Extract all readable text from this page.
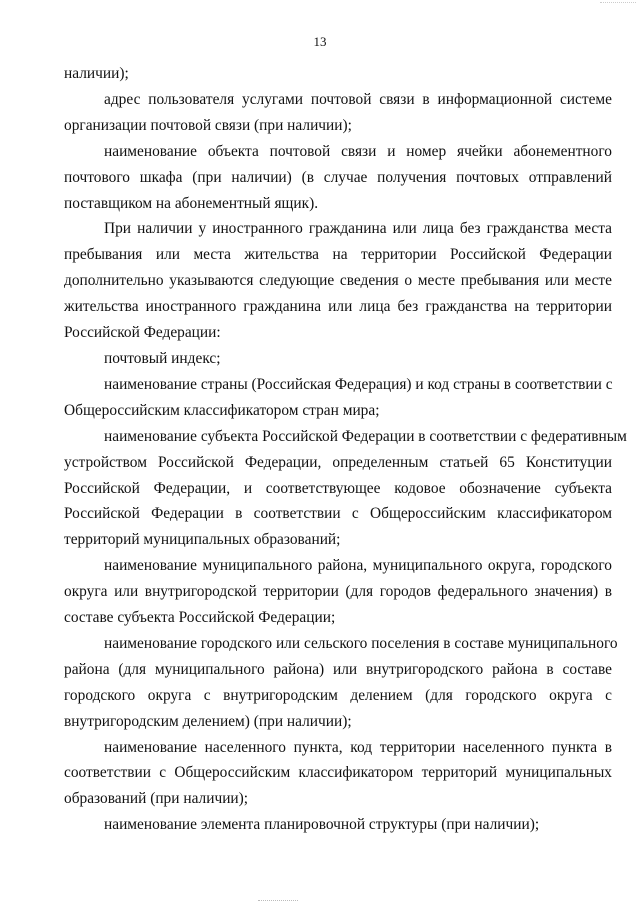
13

наличии);

адрес пользователя услугами почтовой связи в информационной системе

организации почтовой связи (при наличии);

наименование объекта почтовой связи и номер ячейки абонементного

почтового шкафа (при наличии) (в случае получения почтовых отправлений

поставщиком на абонементный ящик).

При наличии у иностранного гражданина или лица без гражданства места

пребывания или места жительства на территории Российской Федерации

дополнительно указываются следующие сведения о месте пребывания или месте

жительства иностранного гражданина или лица без гражданства на территории

Российской Федерации:

почтовый индекс;

наименование страны (Российская Федерация) и код страны в соответствии с

Общероссийским классификатором стран мира;

наименование субъекта Российской Федерации в соответствии с федеративным

устройством Российской Федерации, определенным статьей 65 Конституции

Российской Федерации, и соответствующее кодовое обозначение субъекта

Российской Федерации в соответствии с Общероссийским классификатором

территорий муниципальных образований;

наименование муниципального района, муниципального округа, городского

округа или внутригородской территории (для городов федерального значения) в

составе субъекта Российской Федерации;

наименование городского или сельского поселения в составе муниципального

района (для муниципального района) или внутригородского района в составе

городского округа с внутригородским делением (для городского округа с

внутригородским делением) (при наличии);

наименование населенного пункта, код территории населенного пункта в

соответствии с Общероссийским классификатором территорий муниципальных

образований (при наличии);

наименование элемента планировочной структуры (при наличии);
